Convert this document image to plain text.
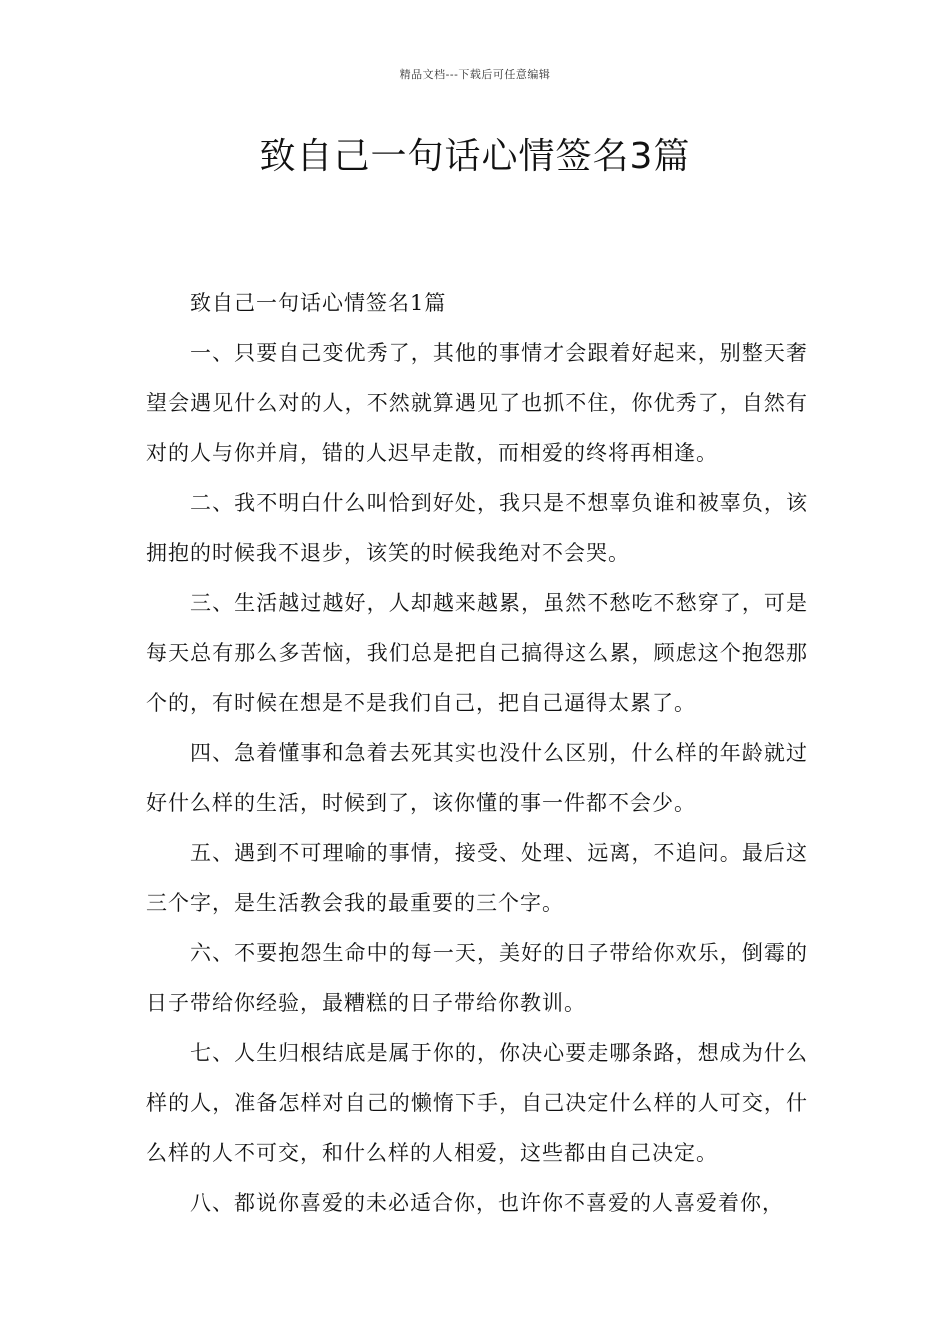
精品文档---下载后可任意编辑
致自己一句话心情签名3篇

致自己一句话心情签名1篇

一、只要自己变优秀了，其他的事情才会跟着好起来，别整天奢望会遇见什么对的人，不然就算遇见了也抓不住，你优秀了，自然有对的人与你并肩，错的人迟早走散，而相爱的终将再相逢。

二、我不明白什么叫恰到好处，我只是不想辜负谁和被辜负，该拥抱的时候我不退步，该笑的时候我绝对不会哭。

三、生活越过越好，人却越来越累，虽然不愁吃不愁穿了，可是每天总有那么多苦恼，我们总是把自己搞得这么累，顾虑这个抱怨那个的，有时候在想是不是我们自己，把自己逼得太累了。

四、急着懂事和急着去死其实也没什么区别，什么样的年龄就过好什么样的生活，时候到了，该你懂的事一件都不会少。

五、遇到不可理喻的事情，接受、处理、远离，不追问。最后这三个字，是生活教会我的最重要的三个字。

六、不要抱怨生命中的每一天，美好的日子带给你欢乐，倒霉的日子带给你经验，最糟糕的日子带给你教训。

七、人生归根结底是属于你的，你决心要走哪条路，想成为什么样的人，准备怎样对自己的懒惰下手，自己决定什么样的人可交，什么样的人不可交，和什么样的人相爱，这些都由自己决定。

八、都说你喜爱的未必适合你，也许你不喜爱的人喜爱着你，
